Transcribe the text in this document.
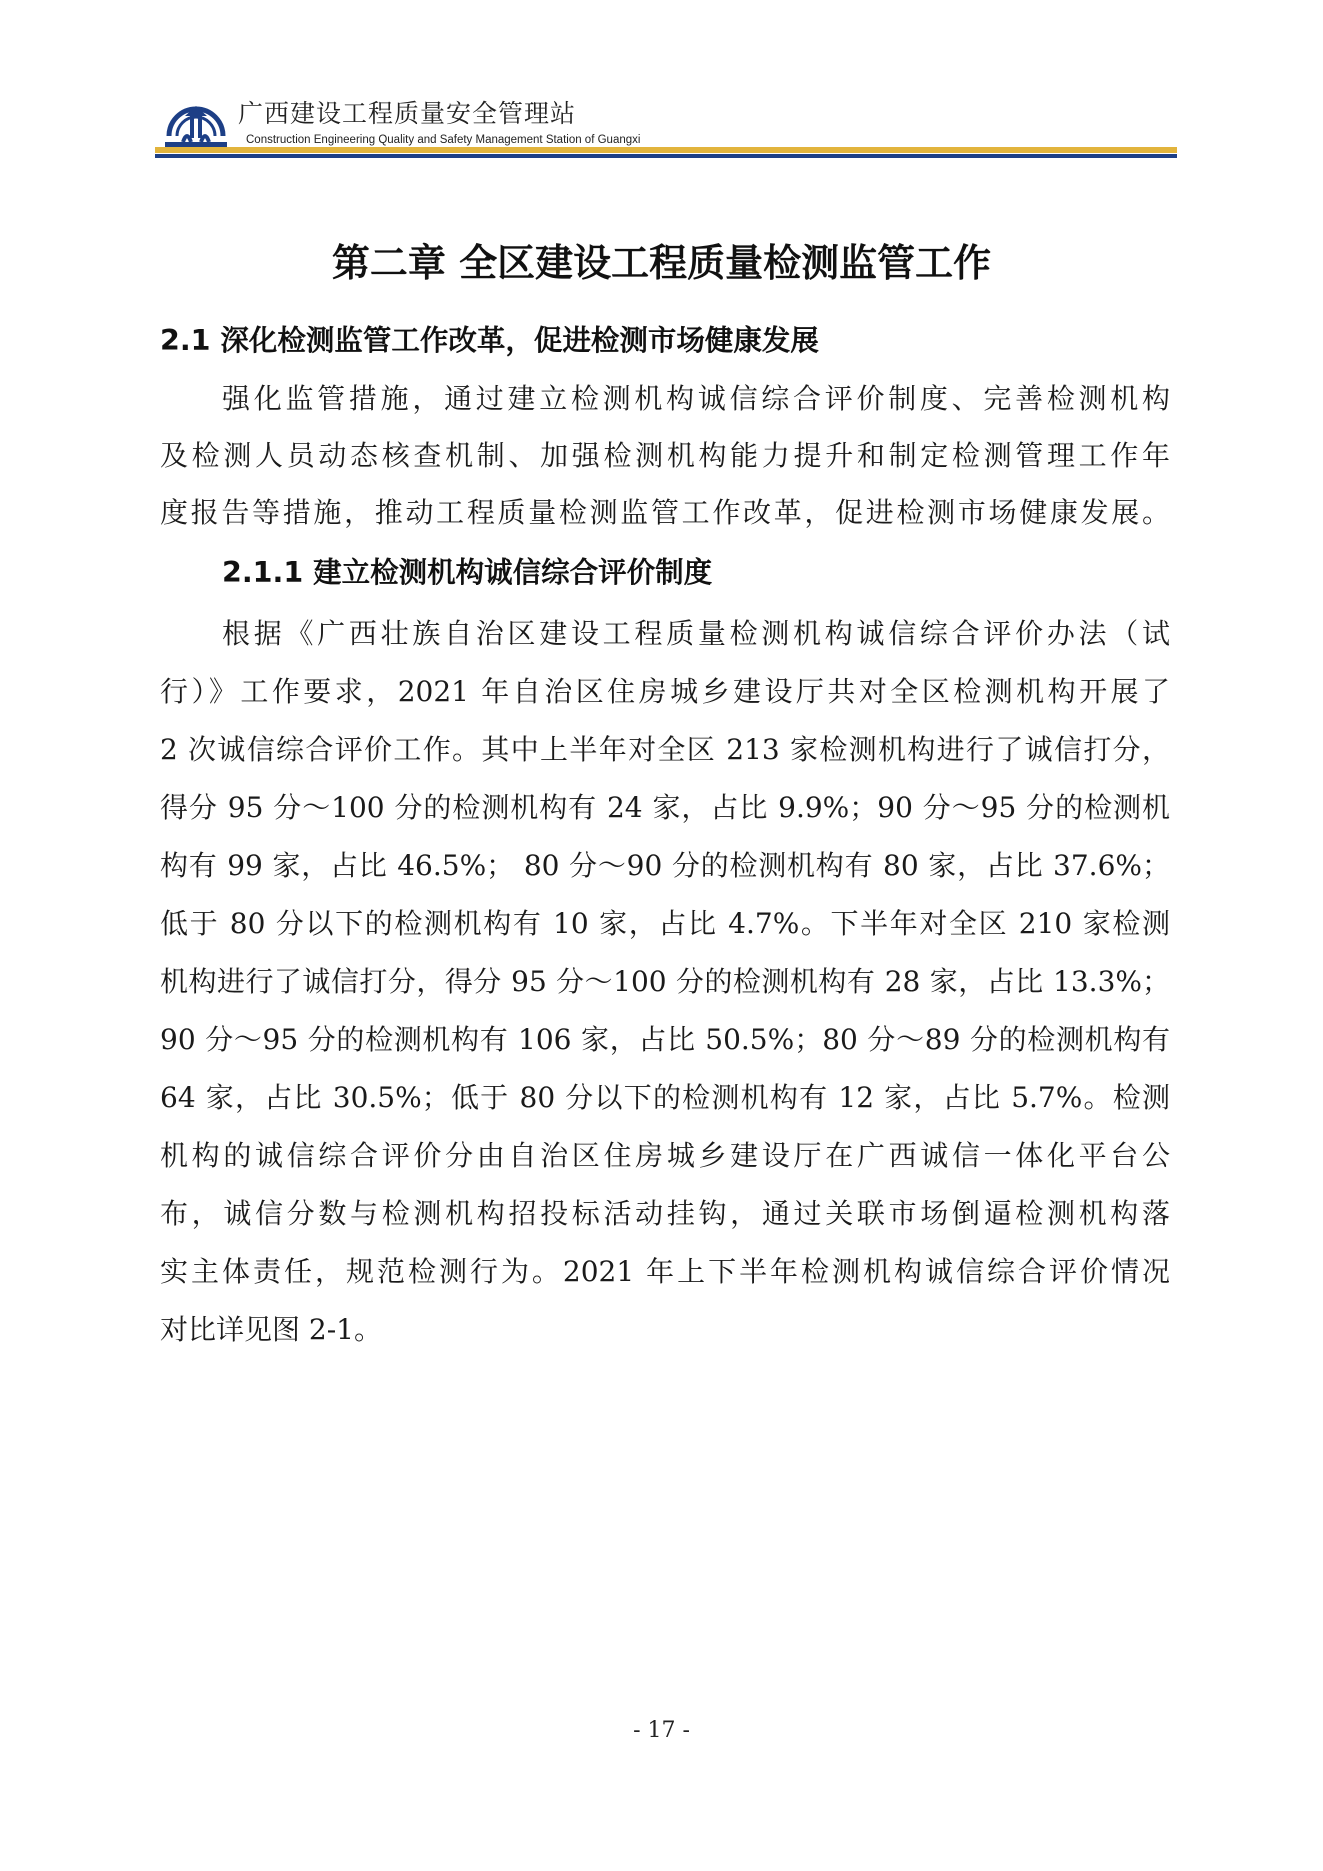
广西建设工程质量安全管理站
Construction Engineering Quality and Safety Management Station of Guangxi
第二章 全区建设工程质量检测监管工作
2.1 深化检测监管工作改革，促进检测市场健康发展
强化监管措施，通过建立检测机构诚信综合评价制度、完善检测机构
及检测人员动态核查机制、加强检测机构能力提升和制定检测管理工作年
度报告等措施，推动工程质量检测监管工作改革，促进检测市场健康发展。
2.1.1 建立检测机构诚信综合评价制度
根据《广西壮族自治区建设工程质量检测机构诚信综合评价办法（试
行）》工作要求，2021 年自治区住房城乡建设厅共对全区检测机构开展了
2 次诚信综合评价工作。其中上半年对全区 213 家检测机构进行了诚信打分，
得分 95 分～100 分的检测机构有 24 家，占比 9.9%；90 分～95 分的检测机
构有 99 家，占比 46.5%； 80 分～90 分的检测机构有 80 家，占比 37.6%；
低于 80 分以下的检测机构有 10 家，占比 4.7%。下半年对全区 210 家检测
机构进行了诚信打分，得分 95 分～100 分的检测机构有 28 家，占比 13.3%；
90 分～95 分的检测机构有 106 家，占比 50.5%；80 分～89 分的检测机构有
64 家，占比 30.5%；低于 80 分以下的检测机构有 12 家，占比 5.7%。检测
机构的诚信综合评价分由自治区住房城乡建设厅在广西诚信一体化平台公
布，诚信分数与检测机构招投标活动挂钩，通过关联市场倒逼检测机构落
实主体责任，规范检测行为。2021 年上下半年检测机构诚信综合评价情况
对比详见图 2-1。
- 17 -
